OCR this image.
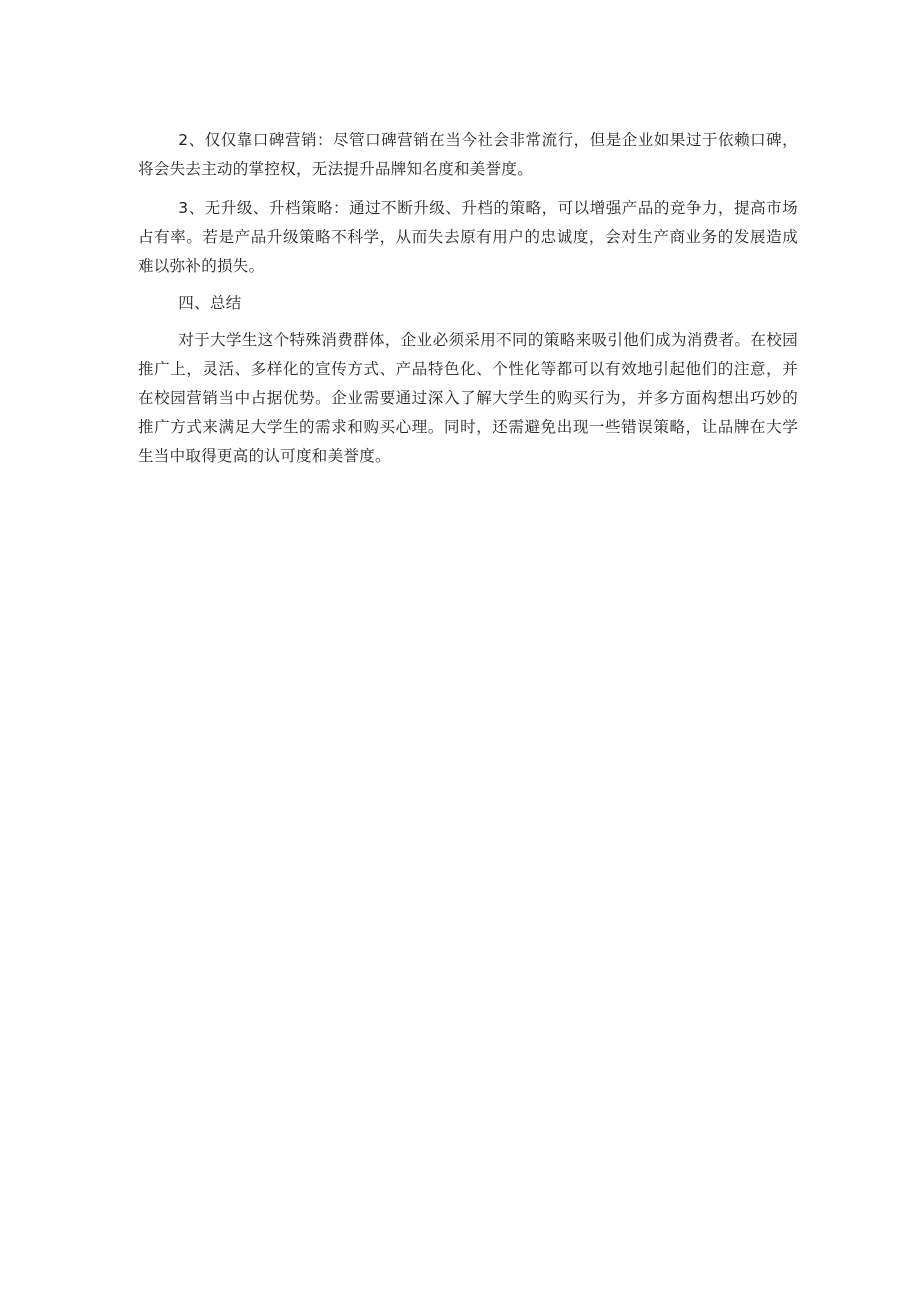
2、仅仅靠口碑营销：尽管口碑营销在当今社会非常流行，但是企业如果过于依赖口碑，将会失去主动的掌控权，无法提升品牌知名度和美誉度。

3、无升级、升档策略：通过不断升级、升档的策略，可以增强产品的竞争力，提高市场占有率。若是产品升级策略不科学，从而失去原有用户的忠诚度，会对生产商业务的发展造成难以弥补的损失。

四、总结

对于大学生这个特殊消费群体，企业必须采用不同的策略来吸引他们成为消费者。在校园推广上，灵活、多样化的宣传方式、产品特色化、个性化等都可以有效地引起他们的注意，并在校园营销当中占据优势。企业需要通过深入了解大学生的购买行为，并多方面构想出巧妙的推广方式来满足大学生的需求和购买心理。同时，还需避免出现一些错误策略，让品牌在大学生当中取得更高的认可度和美誉度。
